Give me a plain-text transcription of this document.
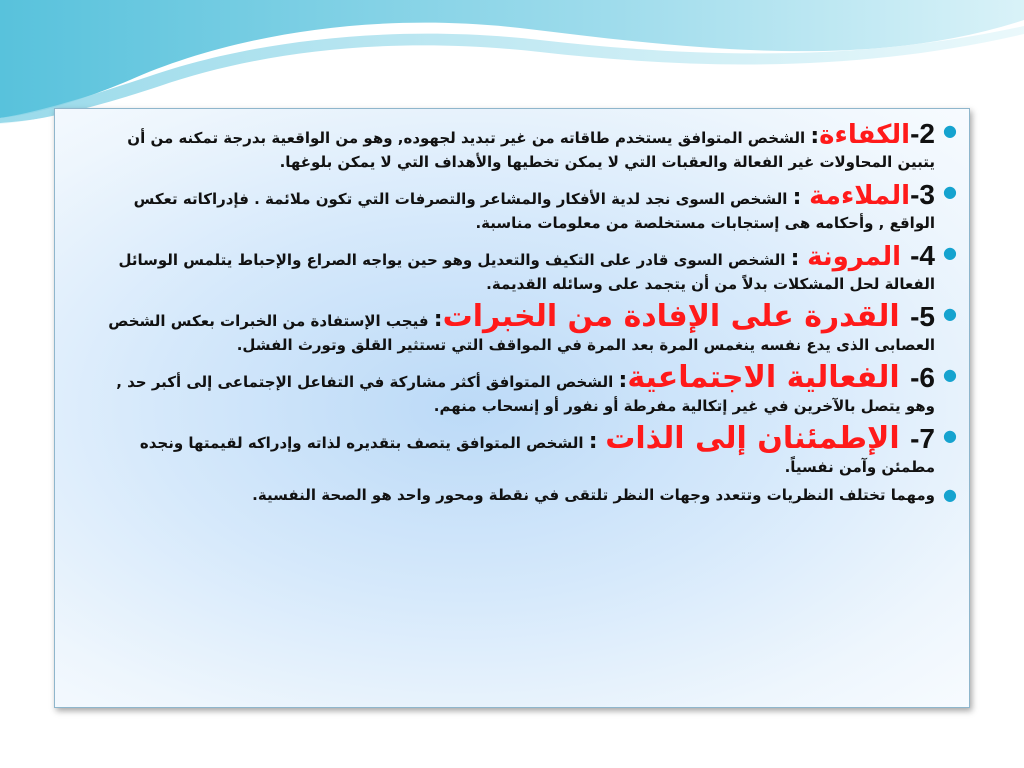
●
2-الكفاءة: الشخص المتوافق يستخدم طاقاته من غير تبديد لجهوده, وهو من الواقعية بدرجة تمكنه من أن يتبين المحاولات غير الفعالة والعقبات التي لا يمكن تخطيها والأهداف التي لا يمكن بلوغها.
●
3-الملاءمة : الشخص السوى نجد لدية الأفكار والمشاعر والتصرفات التي تكون ملائمة . فإدراكاته تعكس الواقع , وأحكامه هى إستجابات مستخلصة من معلومات مناسبة.
●
4- المرونة : الشخص السوى قادر على التكيف والتعديل وهو حين يواجه الصراع والإحباط يتلمس الوسائل الفعالة لحل المشكلات بدلاً من أن يتجمد على وسائله القديمة.
●
5- القدرة على الإفادة من الخبرات: فيجب الإستفادة من الخبرات بعكس الشخص العصابى الذى يدع نفسه ينغمس المرة بعد المرة في المواقف التي تستثير القلق وتورث الفشل.
●
6- الفعالية الاجتماعية: الشخص المتوافق أكثر مشاركة في التفاعل الإجتماعى إلى أكبر حد , وهو يتصل بالآخرين في غير إتكالية مفرطة أو نفور أو إنسحاب منهم.
●
7- الإطمئنان إلى الذات : الشخص المتوافق يتصف بتقديره لذاته وإدراكه لقيمتها ونجده مطمئن وآمن نفسياً.
●
ومهما تختلف النظريات وتتعدد وجهات النظر تلتقى في نقطة ومحور واحد هو الصحة النفسية.
